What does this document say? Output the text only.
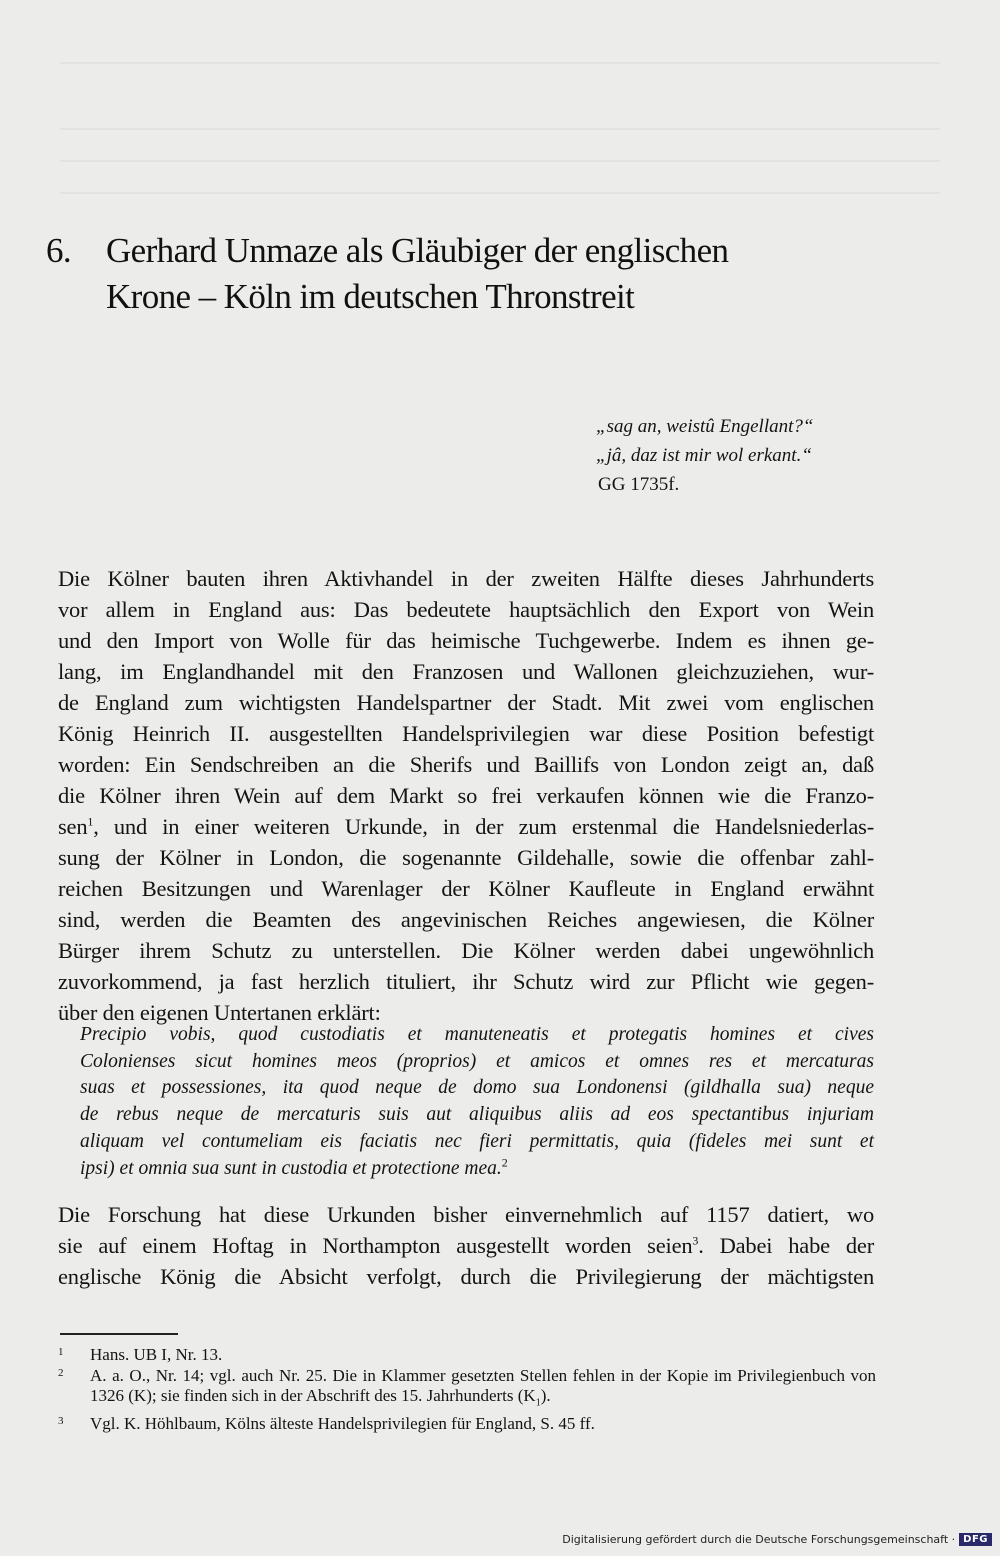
6. Gerhard Unmaze als Gläubiger der englischen
Krone – Köln im deutschen Thronstreit
„sag an, weistû Engellant?“
„jâ, daz ist mir wol erkant.“
GG 1735f.

Die Kölner bauten ihren Aktivhandel in der zweiten Hälfte dieses Jahrhunderts
vor allem in England aus: Das bedeutete hauptsächlich den Export von Wein
und den Import von Wolle für das heimische Tuchgewerbe. Indem es ihnen ge-
lang, im Englandhandel mit den Franzosen und Wallonen gleichzuziehen, wur-
de England zum wichtigsten Handelspartner der Stadt. Mit zwei vom englischen
König Heinrich II. ausgestellten Handelsprivilegien war diese Position befestigt
worden: Ein Sendschreiben an die Sherifs und Baillifs von London zeigt an, daß
die Kölner ihren Wein auf dem Markt so frei verkaufen können wie die Franzo-
sen$^1$, und in einer weiteren Urkunde, in der zum erstenmal die Handelsniederlas-
sung der Kölner in London, die sogenannte Gildehalle, sowie die offenbar zahl-
reichen Besitzungen und Warenlager der Kölner Kaufleute in England erwähnt
sind, werden die Beamten des angevinischen Reiches angewiesen, die Kölner
Bürger ihrem Schutz zu unterstellen. Die Kölner werden dabei ungewöhnlich
zuvorkommend, ja fast herzlich tituliert, ihr Schutz wird zur Pflicht wie gegen-
über den eigenen Untertanen erklärt:

Precipio vobis, quod custodiatis et manuteneatis et protegatis homines et cives
Colonienses sicut homines meos (proprios) et amicos et omnes res et mercaturas
suas et possessiones, ita quod neque de domo sua Londonensi (gildhalla sua) neque
de rebus neque de mercaturis suis aut aliquibus aliis ad eos spectantibus injuriam
aliquam vel contumeliam eis faciatis nec fieri permittatis, quia (fideles mei sunt et
ipsi) et omnia sua sunt in custodia et protectione mea.$^2$

Die Forschung hat diese Urkunden bisher einvernehmlich auf 1157 datiert, wo
sie auf einem Hoftag in Northampton ausgestellt worden seien$^3$. Dabei habe der
englische König die Absicht verfolgt, durch die Privilegierung der mächtigsten

1 Hans. UB I, Nr. 13.
2 A. a. O., Nr. 14; vgl. auch Nr. 25. Die in Klammer gesetzten Stellen fehlen in der Kopie im Privilegienbuch von 1326 (K); sie finden sich in der Abschrift des 15. Jahrhunderts $(K_1)$.
3 Vgl. K. Höhlbaum, Kölns älteste Handelsprivilegien für England, S. 45 ff.
Digitalisierung gefördert durch die Deutsche Forschungsgemeinschaft · DFG
